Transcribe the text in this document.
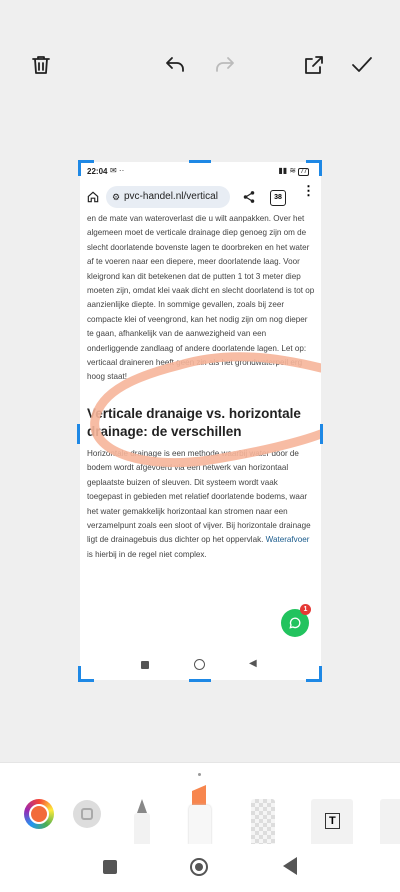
22:04 ✉ ··	▮▮ ≋ 77
⚙ pvc-handel.nl/vertical	38	⋮

en de mate van wateroverlast die u wilt aanpakken. Over het algemeen moet de verticale drainage diep genoeg zijn om de slecht doorlatende bovenste lagen te doorbreken en het water af te voeren naar een diepere, meer doorlatende laag. Voor kleigrond kan dit betekenen dat de putten 1 tot 3 meter diep moeten zijn, omdat klei vaak dicht en slecht doorlatend is tot op aanzienlijke diepte. In sommige gevallen, zoals bij zeer compacte klei of veengrond, kan het nodig zijn om nog dieper te gaan, afhankelijk van de aanwezigheid van een onderliggende zandlaag of andere doorlatende lagen. Let op: verticaal draineren heeft geen zin als het grondwaterpeil erg hoog staat!

Verticale dranaige vs. horizontale drainage: de verschillen

Horizontale drainage is een methode waarbij water door de bodem wordt afgevoerd via een netwerk van horizontaal geplaatste buizen of sleuven. Dit systeem wordt vaak toegepast in gebieden met relatief doorlatende bodems, waar het water gemakkelijk horizontaal kan stromen naar een verzamelpunt zoals een sloot of vijver. Bij horizontale drainage ligt de drainagebuis dus dichter op het oppervlak. Waterafvoer is hierbij in de regel niet complex.

1
◀
T
